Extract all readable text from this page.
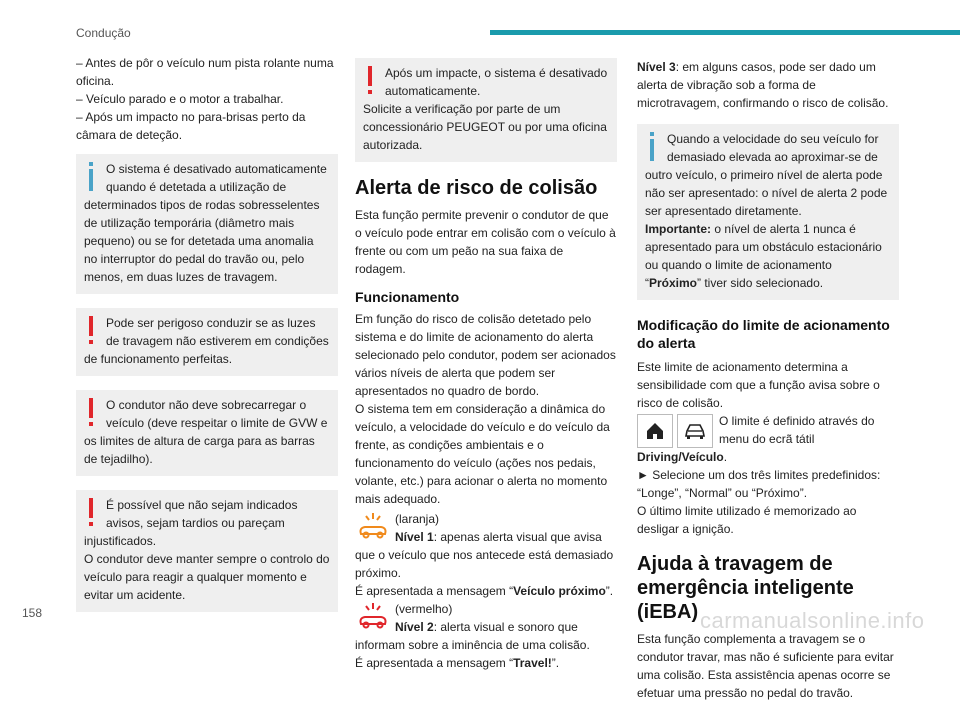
Condução

– Antes de pôr o veículo num pista rolante numa oficina.

– Veículo parado e o motor a trabalhar.

– Após um impacto no para-brisas perto da câmara de deteção.

O sistema é desativado automaticamente quando é detetada a utilização de determinados tipos de rodas sobresselentes de utilização temporária (diâmetro mais pequeno) ou se for detetada uma anomalia no interruptor do pedal do travão ou, pelo menos, em duas luzes de travagem.

Pode ser perigoso conduzir se as luzes de travagem não estiverem em condições de funcionamento perfeitas.

O condutor não deve sobrecarregar o veículo (deve respeitar o limite de GVW e os limites de altura de carga para as barras de tejadilho).

É possível que não sejam indicados avisos, sejam tardios ou pareçam injustificados.

O condutor deve manter sempre o controlo do veículo para reagir a qualquer momento e evitar um acidente.

Após um impacte, o sistema é desativado automaticamente.

Solicite a verificação por parte de um concessionário PEUGEOT ou por uma oficina autorizada.

Alerta de risco de colisão

Esta função permite prevenir o condutor de que o veículo pode entrar em colisão com o veículo à frente ou com um peão na sua faixa de rodagem.

Funcionamento

Em função do risco de colisão detetado pelo sistema e do limite de acionamento do alerta selecionado pelo condutor, podem ser acionados vários níveis de alerta que podem ser apresentados no quadro de bordo.

O sistema tem em consideração a dinâmica do veículo, a velocidade do veículo e do veículo da frente, as condições ambientais e o funcionamento do veículo (ações nos pedais, volante, etc.) para acionar o alerta no momento mais adequado.

(laranja)

Nível 1: apenas alerta visual que avisa que o veículo que nos antecede está demasiado próximo.

É apresentada a mensagem “Veículo próximo”.

(vermelho)

Nível 2: alerta visual e sonoro que informam sobre a iminência de uma colisão.

É apresentada a mensagem “Travel!”.

Nível 3: em alguns casos, pode ser dado um alerta de vibração sob a forma de microtravagem, confirmando o risco de colisão.

Quando a velocidade do seu veículo for demasiado elevada ao aproximar-se de outro veículo, o primeiro nível de alerta pode não ser apresentado: o nível de alerta 2 pode ser apresentado diretamente.

Importante: o nível de alerta 1 nunca é apresentado para um obstáculo estacionário ou quando o limite de acionamento “Próximo” tiver sido selecionado.

Modificação do limite de acionamento do alerta

Este limite de acionamento determina a sensibilidade com que a função avisa sobre o risco de colisão.

O limite é definido através do menu do ecrã tátil Driving/Veículo.

► Selecione um dos três limites predefinidos: “Longe”, “Normal” ou “Próximo”.

O último limite utilizado é memorizado ao desligar a ignição.

Ajuda à travagem de emergência inteligente (iEBA)

Esta função complementa a travagem se o condutor travar, mas não é suficiente para evitar uma colisão. Esta assistência apenas ocorre se efetuar uma pressão no pedal do travão.

158	carmanualsonline.info
